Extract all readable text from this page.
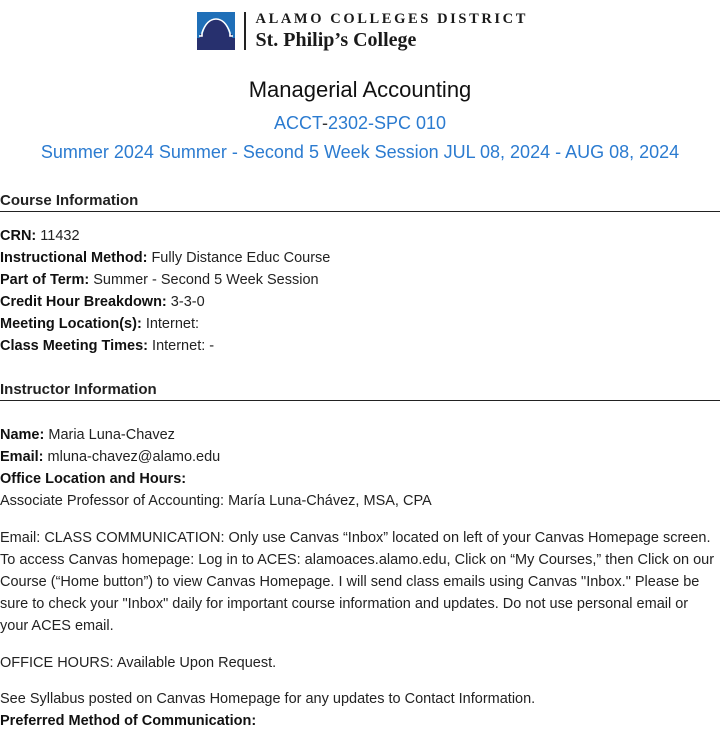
ALAMO COLLEGES DISTRICT
St. Philip’s College
Managerial Accounting
ACCT-2302-SPC 010
Summer 2024 Summer - Second 5 Week Session JUL 08, 2024 - AUG 08, 2024
Course Information
CRN: 11432
Instructional Method: Fully Distance Educ Course
Part of Term: Summer - Second 5 Week Session
Credit Hour Breakdown: 3-3-0
Meeting Location(s): Internet:
Class Meeting Times: Internet: -
Instructor Information
Name: Maria Luna-Chavez
Email: mluna-chavez@alamo.edu
Office Location and Hours:
Associate Professor of Accounting: María Luna-Chávez, MSA, CPA
Email: CLASS COMMUNICATION: Only use Canvas “Inbox” located on left of your Canvas Homepage screen. To access Canvas homepage: Log in to ACES: alamoaces.alamo.edu, Click on “My Courses,” then Click on our Course (“Home button”) to view Canvas Homepage. I will send class emails using Canvas "Inbox." Please be sure to check your "Inbox" daily for important course information and updates. Do not use personal email or your ACES email.
OFFICE HOURS: Available Upon Request.
See Syllabus posted on Canvas Homepage for any updates to Contact Information.
Preferred Method of Communication:
